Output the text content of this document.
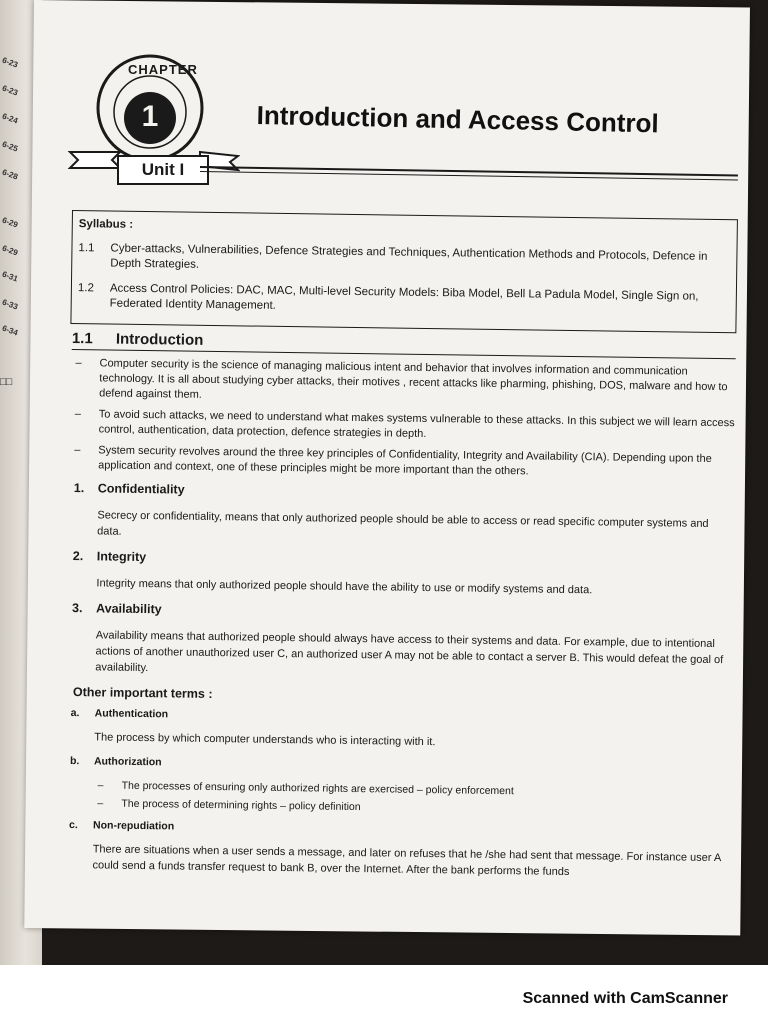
6-23
6-23
6-24
6-25
6-28
6-29
6-29
6-31
6-33
6-34
□□
CHAPTER
1
Unit I
Introduction and Access Control
Syllabus :
1.1 Cyber-attacks, Vulnerabilities, Defence Strategies and Techniques, Authentication Methods and Protocols, Defence in Depth Strategies.
1.2 Access Control Policies: DAC, MAC, Multi-level Security Models: Biba Model, Bell La Padula Model, Single Sign on, Federated Identity Management.
1.1 Introduction
– Computer security is the science of managing malicious intent and behavior that involves information and communication technology. It is all about studying cyber attacks, their motives , recent attacks like pharming, phishing, DOS, malware and how to defend against them.
– To avoid such attacks, we need to understand what makes systems vulnerable to these attacks. In this subject we will learn access control, authentication, data protection, defence strategies in depth.
– System security revolves around the three key principles of Confidentiality, Integrity and Availability (CIA). Depending upon the application and context, one of these principles might be more important than the others.
1. Confidentiality
Secrecy or confidentiality, means that only authorized people should be able to access or read specific computer systems and data.
2. Integrity
Integrity means that only authorized people should have the ability to use or modify systems and data.
3. Availability
Availability means that authorized people should always have access to their systems and data. For example, due to intentional actions of another unauthorized user C, an authorized user A may not be able to contact a server B. This would defeat the goal of availability.
Other important terms :
a. Authentication
The process by which computer understands who is interacting with it.
b. Authorization
– The processes of ensuring only authorized rights are exercised – policy enforcement
– The process of determining rights – policy definition
c. Non-repudiation
There are situations when a user sends a message, and later on refuses that he /she had sent that message. For instance user A could send a funds transfer request to bank B, over the Internet. After the bank performs the funds
Scanned with CamScanner
